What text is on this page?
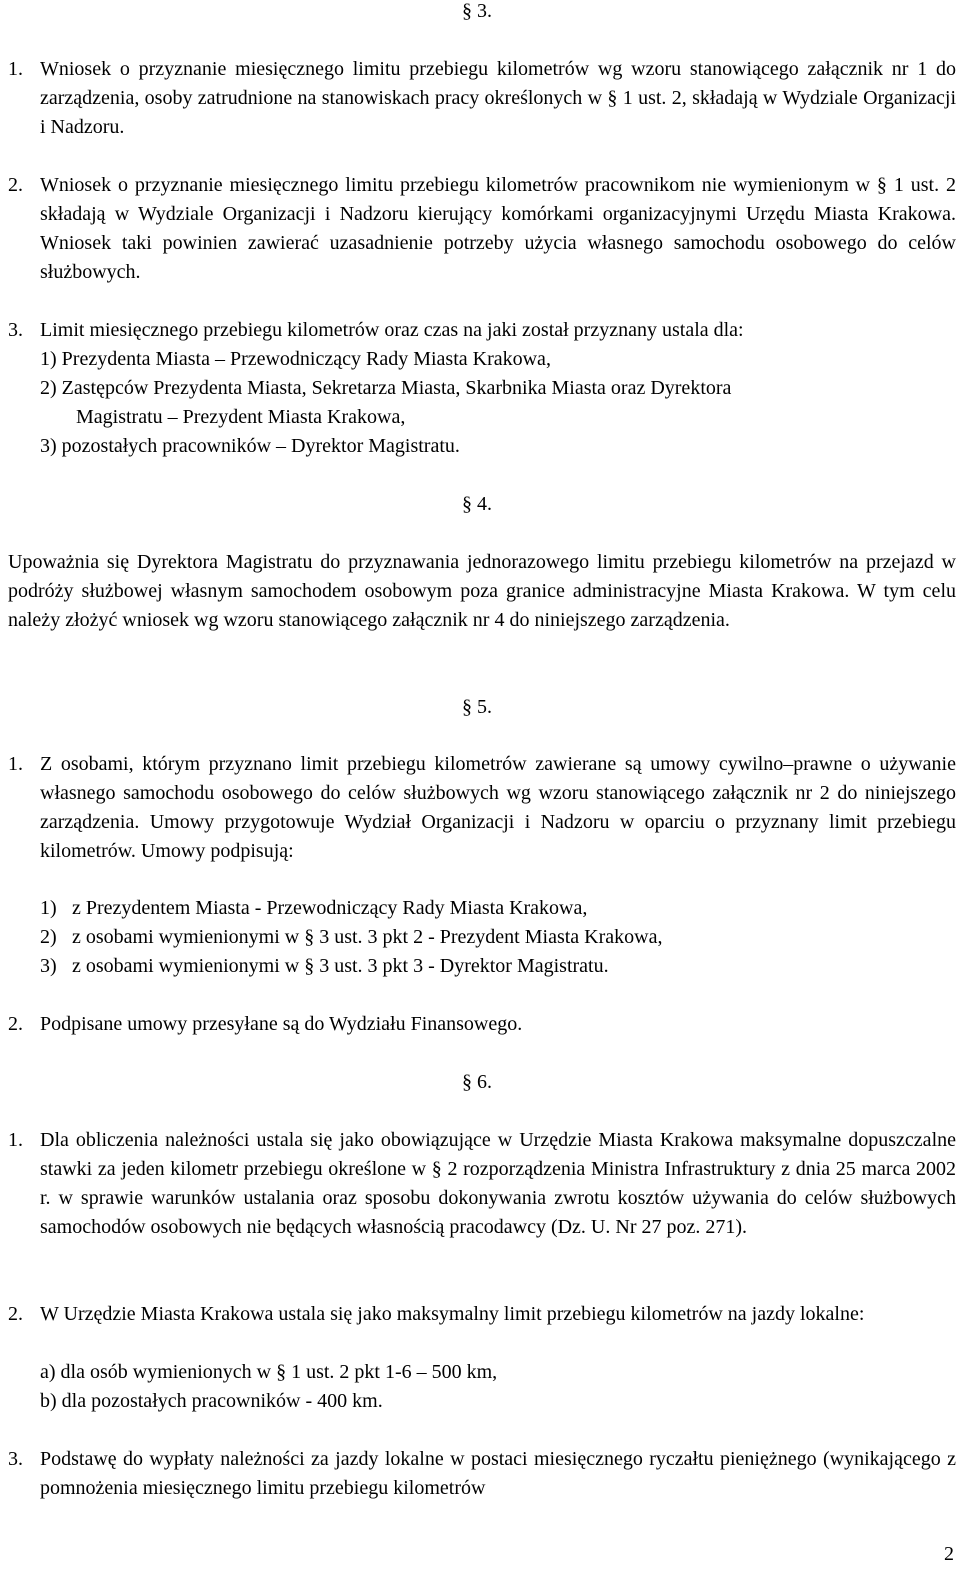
§ 3.
1. Wniosek o przyznanie miesięcznego limitu przebiegu kilometrów wg wzoru stanowiącego załącznik nr 1 do zarządzenia, osoby zatrudnione na stanowiskach pracy określonych w § 1 ust. 2, składają w Wydziale Organizacji i Nadzoru.
2. Wniosek o przyznanie miesięcznego limitu przebiegu kilometrów pracownikom nie wymienionym w § 1 ust. 2 składają w Wydziale Organizacji i Nadzoru kierujący komórkami organizacyjnymi Urzędu Miasta Krakowa. Wniosek taki powinien zawierać uzasadnienie potrzeby użycia własnego samochodu osobowego do celów służbowych.
3. Limit miesięcznego przebiegu kilometrów oraz czas na jaki został przyznany ustala dla:
1) Prezydenta Miasta – Przewodniczący Rady Miasta Krakowa,
2) Zastępców Prezydenta Miasta, Sekretarza Miasta, Skarbnika Miasta oraz Dyrektora
Magistratu – Prezydent Miasta Krakowa,
3) pozostałych pracowników – Dyrektor Magistratu.
§ 4.
Upoważnia się Dyrektora Magistratu do przyznawania jednorazowego limitu przebiegu kilometrów na przejazd w podróży służbowej własnym samochodem osobowym poza granice administracyjne Miasta Krakowa. W tym celu należy złożyć wniosek wg wzoru stanowiącego załącznik nr 4 do niniejszego zarządzenia.
§ 5.
1. Z osobami, którym przyznano limit przebiegu kilometrów zawierane są umowy cywilno–prawne o używanie własnego samochodu osobowego do celów służbowych wg wzoru stanowiącego załącznik nr 2 do niniejszego zarządzenia. Umowy przygotowuje Wydział Organizacji i Nadzoru w oparciu o przyznany limit przebiegu kilometrów. Umowy podpisują:
1) z Prezydentem Miasta - Przewodniczący Rady Miasta Krakowa,
2) z osobami wymienionymi w § 3 ust. 3 pkt 2 - Prezydent Miasta Krakowa,
3) z osobami wymienionymi w § 3 ust. 3 pkt 3 - Dyrektor Magistratu.
2. Podpisane umowy przesyłane są do Wydziału Finansowego.
§ 6.
1. Dla obliczenia należności ustala się jako obowiązujące w Urzędzie Miasta Krakowa maksymalne dopuszczalne stawki za jeden kilometr przebiegu określone w § 2 rozporządzenia Ministra Infrastruktury z dnia 25 marca 2002 r. w sprawie warunków ustalania oraz sposobu dokonywania zwrotu kosztów używania do celów służbowych samochodów osobowych nie będących własnością pracodawcy (Dz. U. Nr 27 poz. 271).
2. W Urzędzie Miasta Krakowa ustala się jako maksymalny limit przebiegu kilometrów na jazdy lokalne:
a) dla osób wymienionych w § 1 ust. 2 pkt 1-6 – 500 km,
b) dla pozostałych pracowników - 400 km.
3. Podstawę do wypłaty należności za jazdy lokalne w postaci miesięcznego ryczałtu pieniężnego (wynikającego z pomnożenia miesięcznego limitu przebiegu kilometrów
2
